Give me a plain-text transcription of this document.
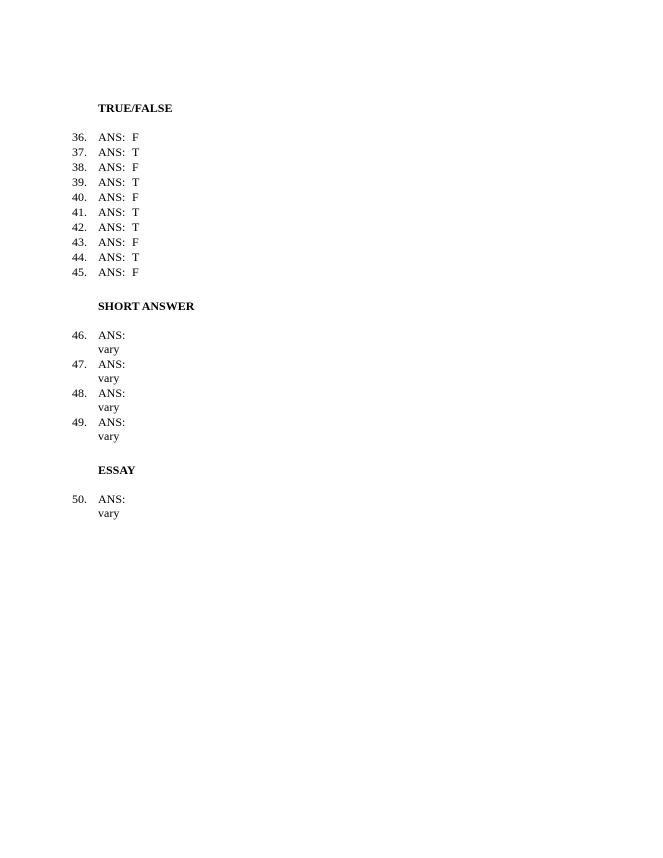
TRUE/FALSE
36. ANS: F
37. ANS: T
38. ANS: F
39. ANS: T
40. ANS: F
41. ANS: T
42. ANS: T
43. ANS: F
44. ANS: T
45. ANS: F
SHORT ANSWER
46. ANS:
vary
47. ANS:
vary
48. ANS:
vary
49. ANS:
vary
ESSAY
50. ANS:
vary
